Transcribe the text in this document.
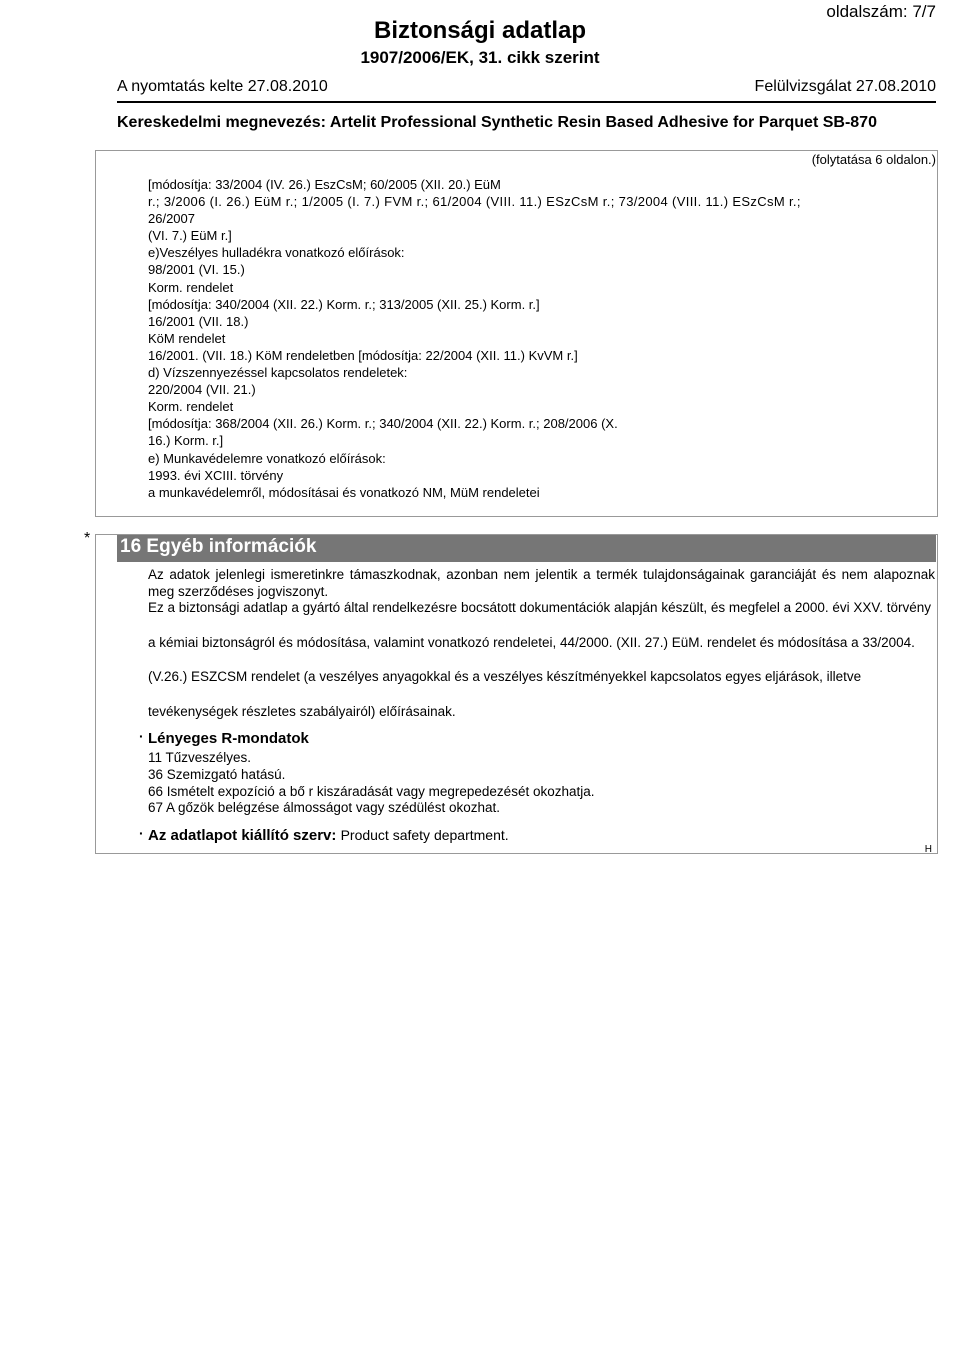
oldalszám: 7/7
Biztonsági adatlap
1907/2006/EK, 31. cikk szerint
A nyomtatás kelte 27.08.2010	Felülvizsgálat 27.08.2010
Kereskedelmi megnevezés: Artelit Professional Synthetic Resin Based Adhesive for Parquet SB-870
(folytatása 6 oldalon.)
[módosítja: 33/2004 (IV. 26.) EszCsM; 60/2005 (XII. 20.) EüM
r.; 3/2006 (I. 26.) EüM r.; 1/2005 (I. 7.) FVM r.; 61/2004 (VIII. 11.) ESzCsM r.; 73/2004 (VIII. 11.) ESzCsM r.;
26/2007
(VI. 7.) EüM r.]
e)Veszélyes hulladékra vonatkozó előírások:
98/2001 (VI. 15.)
Korm. rendelet
[módosítja: 340/2004 (XII. 22.) Korm. r.; 313/2005 (XII. 25.) Korm. r.]
16/2001 (VII. 18.)
KöM rendelet
16/2001. (VII. 18.) KöM rendeletben [módosítja: 22/2004 (XII. 11.) KvVM r.]
d) Vízszennyezéssel kapcsolatos rendeletek:
220/2004 (VII. 21.)
Korm. rendelet
[módosítja: 368/2004 (XII. 26.) Korm. r.; 340/2004 (XII. 22.) Korm. r.; 208/2006 (X.
16.) Korm. r.]
e) Munkavédelemre vonatkozó előírások:
1993. évi XCIII. törvény
a munkavédelemről, módosításai és vonatkozó NM, MüM rendeletei
* 16 Egyéb információk
Az adatok jelenlegi ismeretinkre támaszkodnak, azonban nem jelentik a termék tulajdonságainak garanciáját és nem alapoznak meg szerződéses jogviszonyt.
Ez a biztonsági adatlap a gyártó által rendelkezésre bocsátott dokumentációk alapján készült, és megfelel a 2000. évi XXV. törvény
a kémiai biztonságról és módosítása, valamint vonatkozó rendeletei, 44/2000. (XII. 27.) EüM. rendelet és módosítása a 33/2004.
(V.26.) ESZCSM rendelet (a veszélyes anyagokkal és a veszélyes készítményekkel kapcsolatos egyes eljárások, illetve
tevékenységek részletes szabályairól) előírásainak.
· Lényeges R-mondatok
11 Tűzveszélyes.
36 Szemizgató hatású.
66 Ismételt expozíció a bő r kiszáradását vagy megrepedezését okozhatja.
67 A gőzök belégzése álmosságot vagy szédülést okozhat.
· Az adatlapot kiállító szerv: Product safety department.
H
